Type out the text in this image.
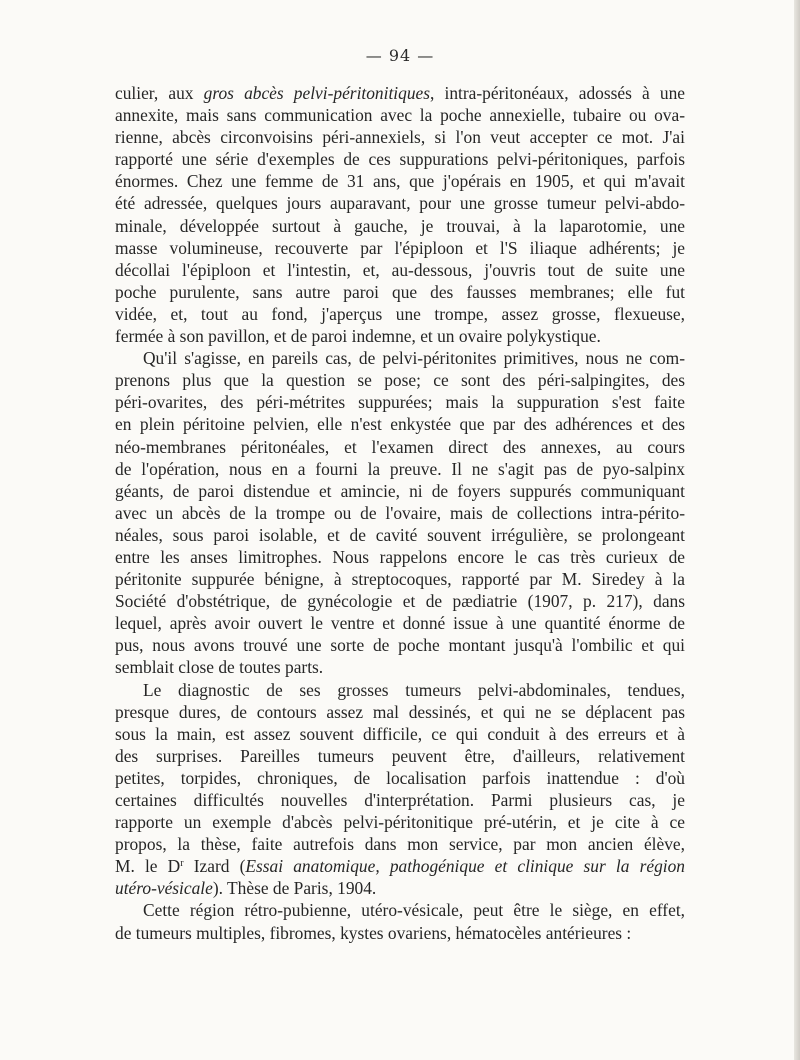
— 94 —
culier, aux gros abcès pelvi-péritonitiques, intra-péritonéaux, adossés à une
annexite, mais sans communication avec la poche annexielle, tubaire ou ova-
rienne, abcès circonvoisins péri-annexiels, si l'on veut accepter ce mot. J'ai
rapporté une série d'exemples de ces suppurations pelvi-péritoniques, parfois
énormes. Chez une femme de 31 ans, que j'opérais en 1905, et qui m'avait
été adressée, quelques jours auparavant, pour une grosse tumeur pelvi-abdo-
minale, développée surtout à gauche, je trouvai, à la laparotomie, une
masse volumineuse, recouverte par l'épiploon et l'S iliaque adhérents; je
décollai l'épiploon et l'intestin, et, au-dessous, j'ouvris tout de suite une
poche purulente, sans autre paroi que des fausses membranes; elle fut
vidée, et, tout au fond, j'aperçus une trompe, assez grosse, flexueuse,
fermée à son pavillon, et de paroi indemne, et un ovaire polykystique.
Qu'il s'agisse, en pareils cas, de pelvi-péritonites primitives, nous ne com-
prenons plus que la question se pose; ce sont des péri-salpingites, des
péri-ovarites, des péri-métrites suppurées; mais la suppuration s'est faite
en plein péritoine pelvien, elle n'est enkystée que par des adhérences et des
néo-membranes péritonéales, et l'examen direct des annexes, au cours
de l'opération, nous en a fourni la preuve. Il ne s'agit pas de pyo-salpinx
géants, de paroi distendue et amincie, ni de foyers suppurés communiquant
avec un abcès de la trompe ou de l'ovaire, mais de collections intra-périto-
néales, sous paroi isolable, et de cavité souvent irrégulière, se prolongeant
entre les anses limitrophes. Nous rappelons encore le cas très curieux de
péritonite suppurée bénigne, à streptocoques, rapporté par M. Siredey à la
Société d'obstétrique, de gynécologie et de pædiatrie (1907, p. 217), dans
lequel, après avoir ouvert le ventre et donné issue à une quantité énorme de
pus, nous avons trouvé une sorte de poche montant jusqu'à l'ombilic et qui
semblait close de toutes parts.
Le diagnostic de ses grosses tumeurs pelvi-abdominales, tendues,
presque dures, de contours assez mal dessinés, et qui ne se déplacent pas
sous la main, est assez souvent difficile, ce qui conduit à des erreurs et à
des surprises. Pareilles tumeurs peuvent être, d'ailleurs, relativement
petites, torpides, chroniques, de localisation parfois inattendue : d'où
certaines difficultés nouvelles d'interprétation. Parmi plusieurs cas, je
rapporte un exemple d'abcès pelvi-péritonitique pré-utérin, et je cite à ce
propos, la thèse, faite autrefois dans mon service, par mon ancien élève,
M. le $D^r$ Izard (Essai anatomique, pathogénique et clinique sur la région
utéro-vésicale). Thèse de Paris, 1904.
Cette région rétro-pubienne, utéro-vésicale, peut être le siège, en effet,
de tumeurs multiples, fibromes, kystes ovariens, hématocèles antérieures :
